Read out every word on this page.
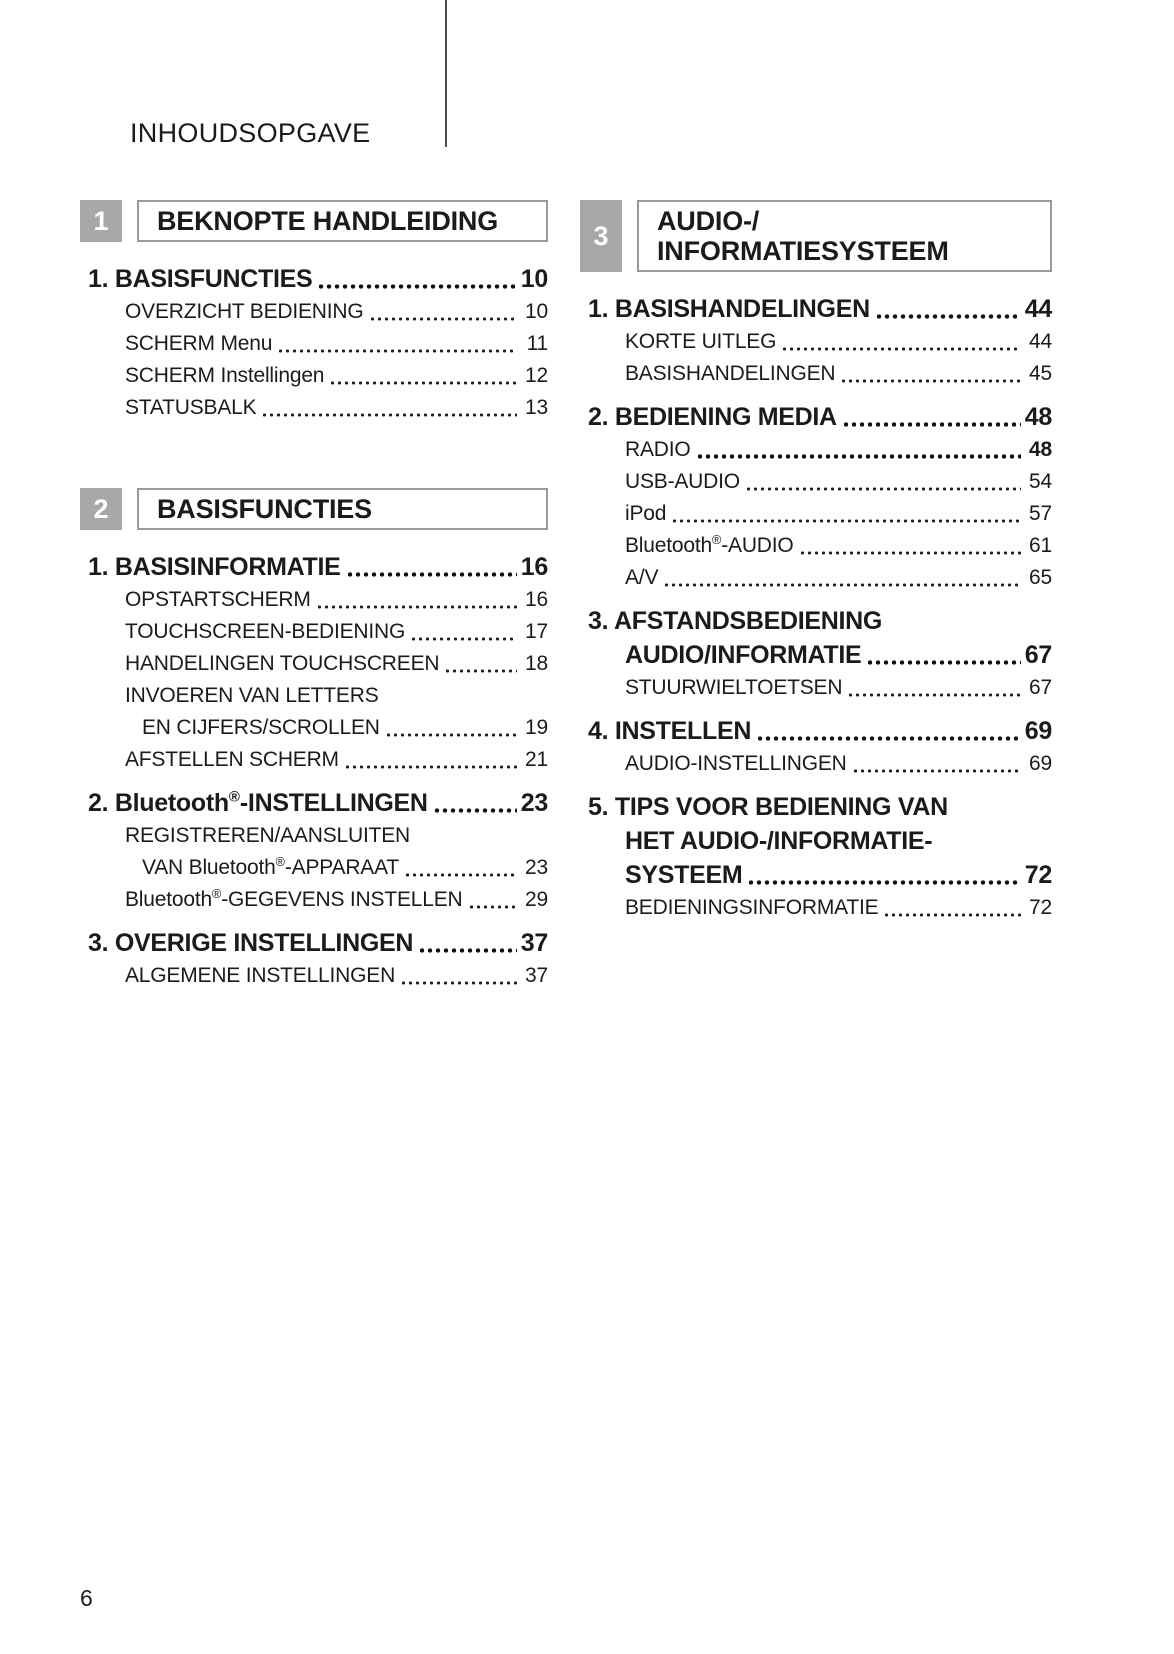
INHOUDSOPGAVE
1	BEKNOPTE HANDLEIDING
1. BASISFUNCTIES	10
OVERZICHT BEDIENING	10
SCHERM Menu	11
SCHERM Instellingen	12
STATUSBALK	13
2	BASISFUNCTIES
1. BASISINFORMATIE	16
OPSTARTSCHERM	16
TOUCHSCREEN-BEDIENING	17
HANDELINGEN TOUCHSCREEN	18
INVOEREN VAN LETTERS
EN CIJFERS/SCROLLEN	19
AFSTELLEN SCHERM	21
2. Bluetooth®-INSTELLINGEN	23
REGISTREREN/AANSLUITEN
VAN Bluetooth®-APPARAAT	23
Bluetooth®-GEGEVENS INSTELLEN	29
3. OVERIGE INSTELLINGEN	37
ALGEMENE INSTELLINGEN	37
3	AUDIO-/
INFORMATIESYSTEEM
1. BASISHANDELINGEN	44
KORTE UITLEG	44
BASISHANDELINGEN	45
2. BEDIENING MEDIA	48
RADIO	48
USB-AUDIO	54
iPod	57
Bluetooth®-AUDIO	61
A/V	65
3. AFSTANDSBEDIENING
AUDIO/INFORMATIE	67
STUURWIELTOETSEN	67
4. INSTELLEN	69
AUDIO-INSTELLINGEN	69
5. TIPS VOOR BEDIENING VAN
HET AUDIO-/INFORMATIE-
SYSTEEM	72
BEDIENINGSINFORMATIE	72
6
